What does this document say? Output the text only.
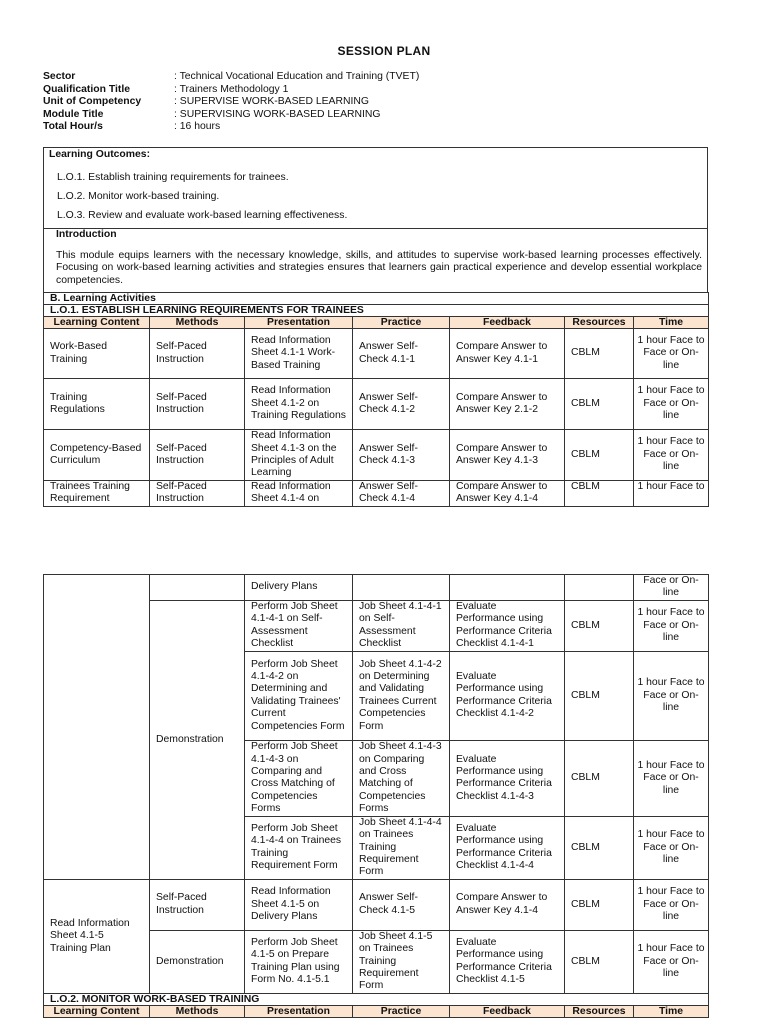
SESSION PLAN
Sector	: Technical Vocational Education and Training (TVET)
Qualification Title	: Trainers Methodology 1
Unit of Competency	: SUPERVISE WORK-BASED LEARNING
Module Title	: SUPERVISING WORK-BASED LEARNING
Total Hour/s	: 16 hours
Learning Outcomes:
L.O.1. Establish training requirements for trainees.
L.O.2. Monitor work-based training.
L.O.3. Review and evaluate work-based learning effectiveness.
Introduction
This module equips learners with the necessary knowledge, skills, and attitudes to supervise work-based learning processes effectively. Focusing on work-based learning activities and strategies ensures that learners gain practical experience and develop essential workplace competencies.
B. Learning Activities						
L.O.1. ESTABLISH LEARNING REQUIREMENTS FOR TRAINEES						
Learning Content	Methods	Presentation	Practice	Feedback	Resources	Time
Work-Based Training	Self-Paced Instruction	Read Information Sheet 4.1-1 Work-Based Training	Answer Self-Check 4.1-1	Compare Answer to Answer Key 4.1-1	CBLM	1 hour Face to Face or On-line
Training Regulations	Self-Paced Instruction	Read Information Sheet 4.1-2 on Training Regulations	Answer Self-Check 4.1-2	Compare Answer to Answer Key 2.1-2	CBLM	1 hour Face to Face or On-line
Competency-Based Curriculum	Self-Paced Instruction	Read Information Sheet 4.1-3 on the Principles of Adult Learning	Answer Self-Check 4.1-3	Compare Answer to Answer Key 4.1-3	CBLM	1 hour Face to Face or On-line
Trainees Training Requirement	Self-Paced Instruction	Read Information Sheet 4.1-4 on	Answer Self-Check 4.1-4	Compare Answer to Answer Key 4.1-4	CBLM	1 hour Face to
		Delivery Plans				Face or On-line
	Demonstration	Perform Job Sheet 4.1-4-1 on Self-Assessment Checklist	Job Sheet 4.1-4-1 on Self-Assessment Checklist	Evaluate Performance using Performance Criteria Checklist 4.1-4-1	CBLM	1 hour Face to Face or On-line
		Perform Job Sheet 4.1-4-2 on Determining and Validating Trainees' Current Competencies Form	Job Sheet 4.1-4-2 on Determining and Validating Trainees Current Competencies Form	Evaluate Performance using Performance Criteria Checklist 4.1-4-2	CBLM	1 hour Face to Face or On-line
		Perform Job Sheet 4.1-4-3 on Comparing and Cross Matching of Competencies Forms	Job Sheet 4.1-4-3 on Comparing and Cross Matching of Competencies Forms	Evaluate Performance using Performance Criteria Checklist 4.1-4-3	CBLM	1 hour Face to Face or On-line
		Perform Job Sheet 4.1-4-4 on Trainees Training Requirement Form	Job Sheet 4.1-4-4 on Trainees Training Requirement Form	Evaluate Performance using Performance Criteria Checklist 4.1-4-4	CBLM	1 hour Face to Face or On-line
Read Information Sheet 4.1-5 Training Plan	Self-Paced Instruction	Read Information Sheet 4.1-5 on Delivery Plans	Answer Self-Check 4.1-5	Compare Answer to Answer Key 4.1-4	CBLM	1 hour Face to Face or On-line
	Demonstration	Perform Job Sheet 4.1-5 on Prepare Training Plan using Form No. 4.1-5.1	Job Sheet 4.1-5 on Trainees Training Requirement Form	Evaluate Performance using Performance Criteria Checklist 4.1-5	CBLM	1 hour Face to Face or On-line
L.O.2. MONITOR WORK-BASED TRAINING						
Learning Content	Methods	Presentation	Practice	Feedback	Resources	Time
